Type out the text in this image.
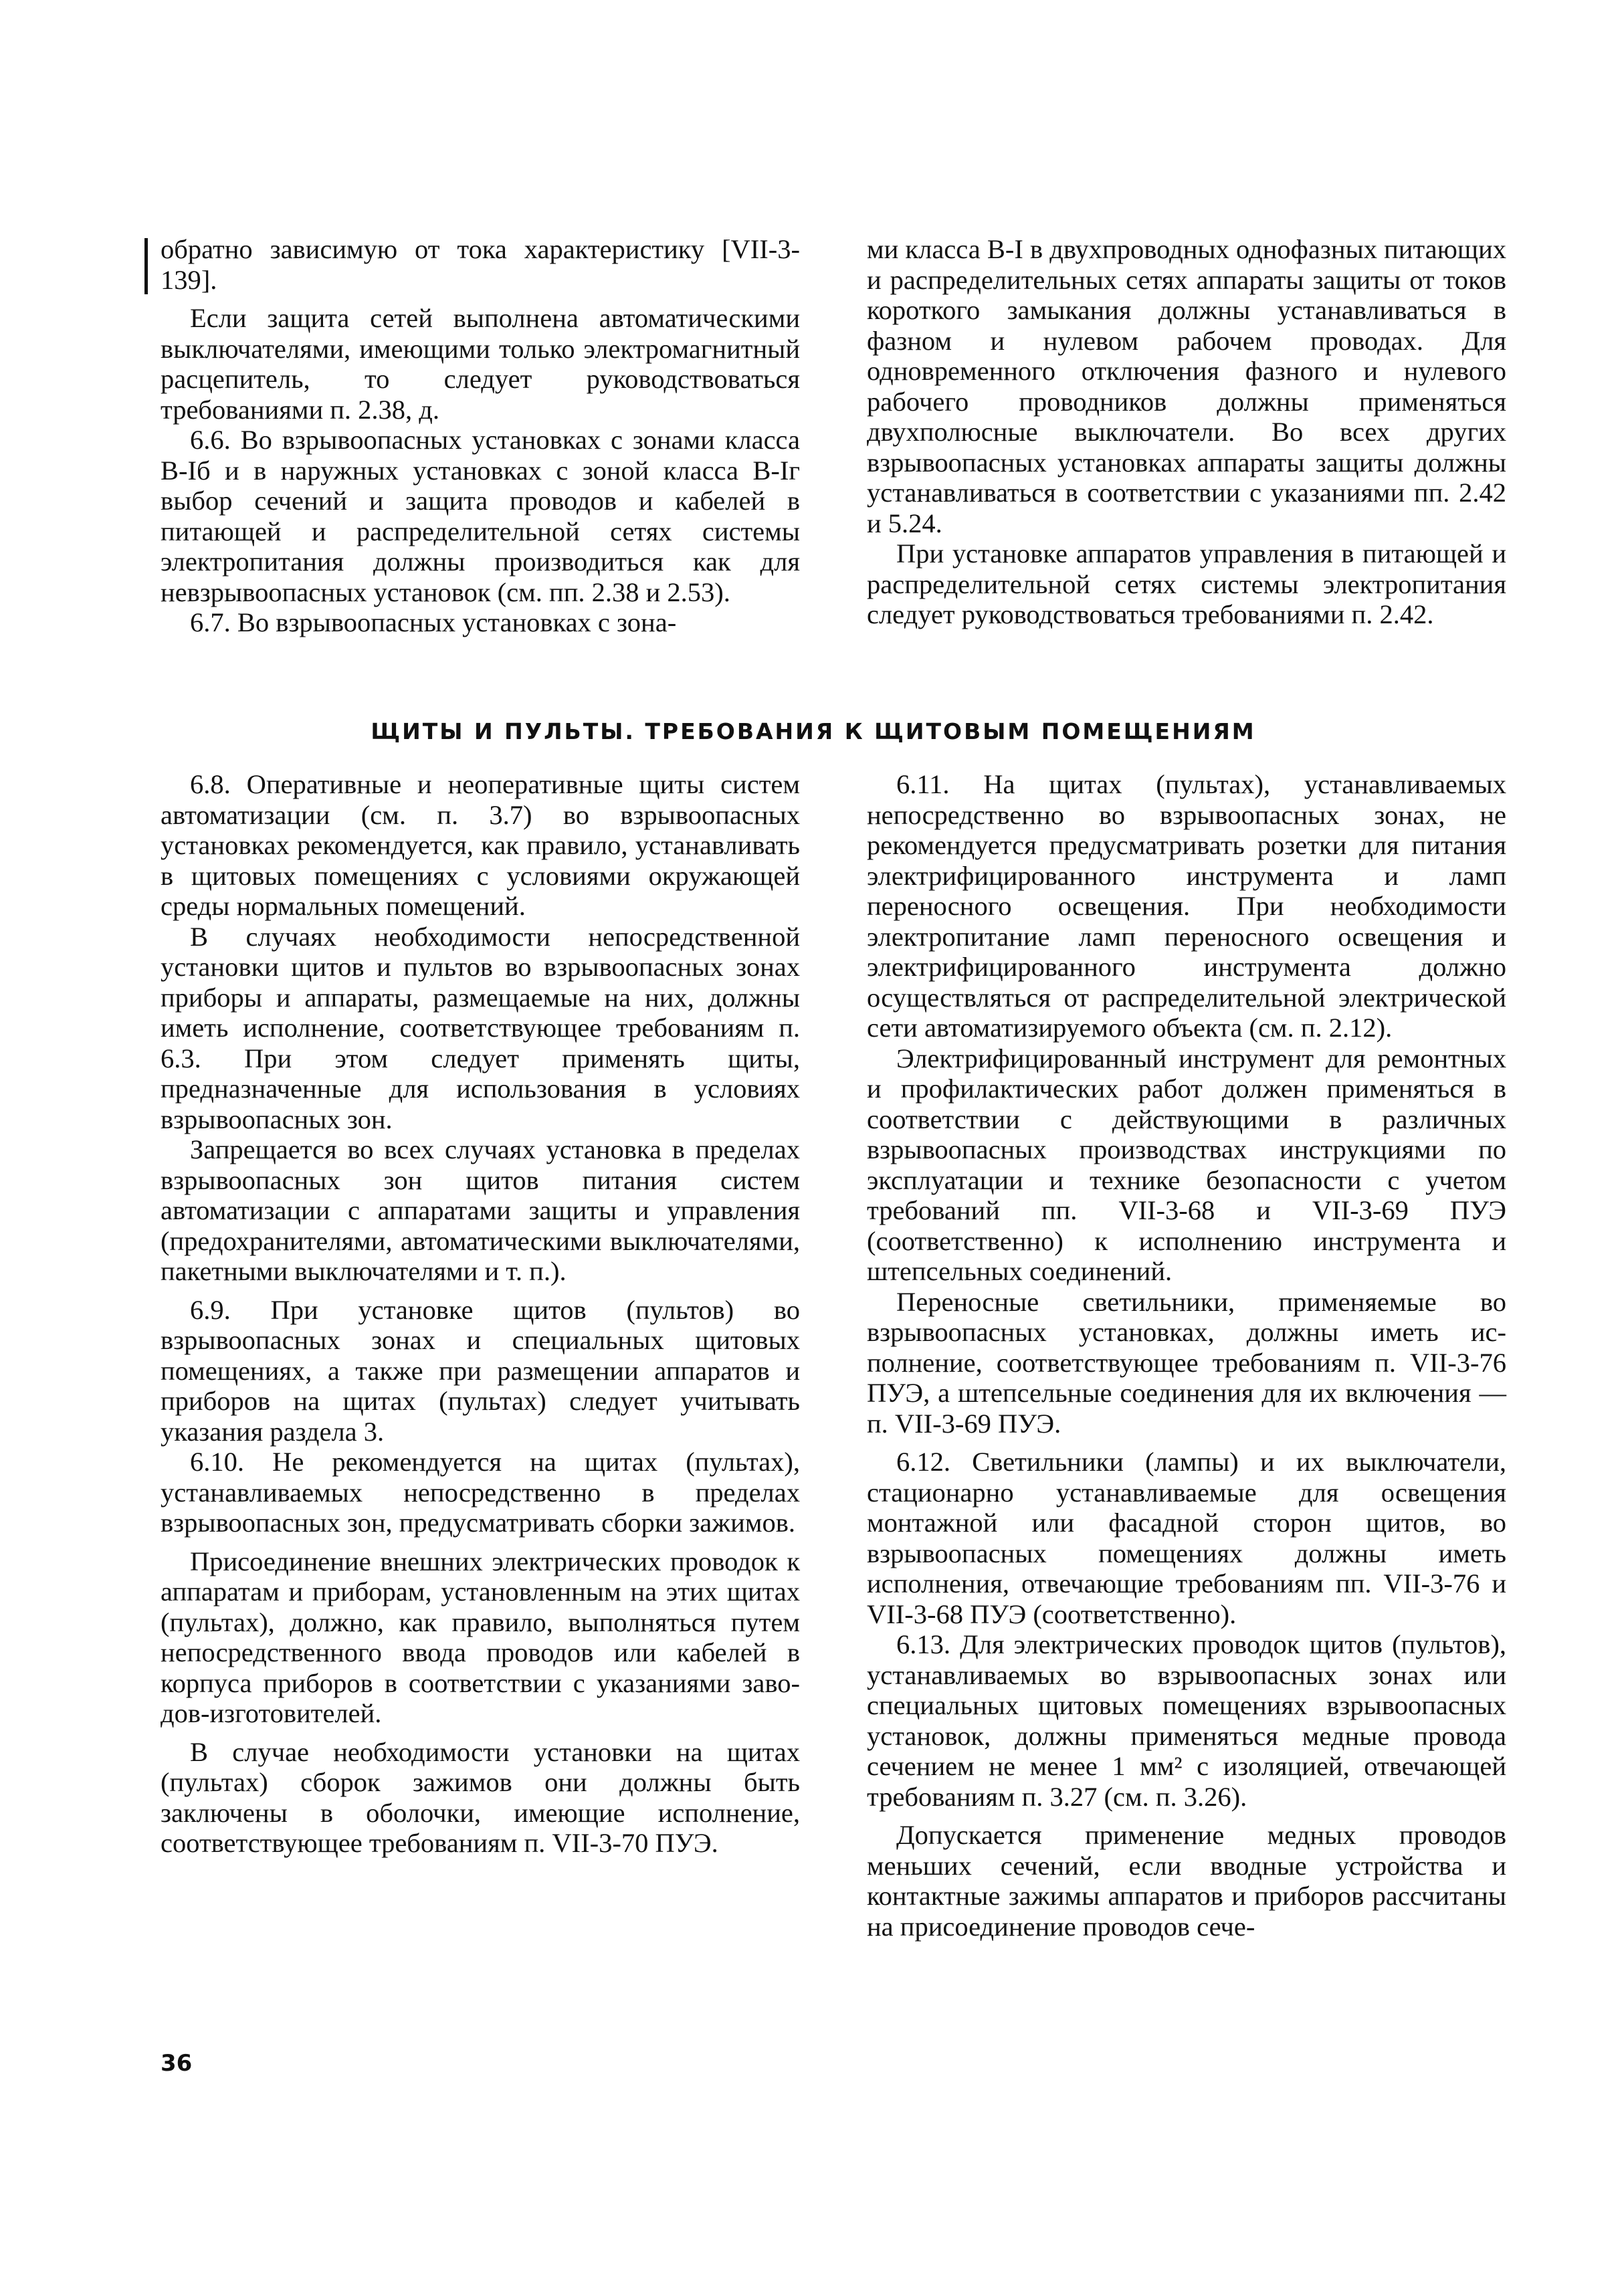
обратно зависимую от тока характеристику [VII-3-139].

Если защита сетей выполнена автоматическими выключателями, имеющими только электромагнитный расцепитель, то следует руководствоваться требованиями п. 2.38, д.

6.6. Во взрывоопасных установках с зонами класса В-Iб и в наружных установках с зоной класса В-Iг выбор сечений и защита проводов и кабелей в питающей и распределительной сетях системы электропитания должны производиться как для невзрывоопасных установок (см. пп. 2.38 и 2.53).

6.7. Во взрывоопасных установках с зона-

ми класса В-I в двухпроводных однофазных питающих и распределительных сетях аппараты защиты от токов короткого замыкания должны устанавливаться в фазном и нулевом рабочем проводах. Для одновременного отключения фазного и нулевого рабочего проводников должны применяться двухполюсные выключатели. Во всех других взрывоопасных установках аппараты защиты должны устанавливаться в соответствии с указаниями пп. 2.42 и 5.24.

При установке аппаратов управления в питающей и распределительной сетях системы электропитания следует руководствоваться требованиями п. 2.42.

ЩИТЫ И ПУЛЬТЫ. ТРЕБОВАНИЯ К ЩИТОВЫМ ПОМЕЩЕНИЯМ

6.8. Оперативные и неоперативные щиты систем автоматизации (см. п. 3.7) во взрывоопасных установках рекомендуется, как правило, устанавливать в щитовых помещениях с условиями окружающей среды нормальных помещений.

В случаях необходимости непосредственной установки щитов и пультов во взрывоопасных зонах приборы и аппараты, размещаемые на них, должны иметь исполнение, соответствующее требованиям п. 6.3. При этом следует применять щиты, предназначенные для использования в условиях взрывоопасных зон.

Запрещается во всех случаях установка в пределах взрывоопасных зон щитов питания систем автоматизации с аппаратами защиты и управления (предохранителями, автоматическими выключателями, пакетными выключателями и т. п.).

6.9. При установке щитов (пультов) во взрывоопасных зонах и специальных щитовых помещениях, а также при размещении аппаратов и приборов на щитах (пультах) следует учитывать указания раздела 3.

6.10. Не рекомендуется на щитах (пультах), устанавливаемых непосредственно в пределах взрывоопасных зон, предусматривать сборки зажимов.

Присоединение внешних электрических проводок к аппаратам и приборам, установленным на этих щитах (пультах), должно, как правило, выполняться путем непосредственного ввода проводов или кабелей в корпуса приборов в соответствии с указаниями заводов-изготовителей.

В случае необходимости установки на щитах (пультах) сборок зажимов они должны быть заключены в оболочки, имеющие исполнение, соответствующее требованиям п. VII-3-70 ПУЭ.

6.11. На щитах (пультах), устанавливаемых непосредственно во взрывоопасных зонах, не рекомендуется предусматривать розетки для питания электрифицированного инструмента и ламп переносного освещения. При необходимости электропитание ламп переносного освещения и электрифицированного инструмента должно осуществляться от распределительной электрической сети автоматизируемого объекта (см. п. 2.12).

Электрифицированный инструмент для ремонтных и профилактических работ должен применяться в соответствии с действующими в различных взрывоопасных производствах инструкциями по эксплуатации и технике безопасности с учетом требований пп. VII-3-68 и VII-3-69 ПУЭ (соответственно) к исполнению инструмента и штепсельных соединений.

Переносные светильники, применяемые во взрывоопасных установках, должны иметь исполнение, соответствующее требованиям п. VII-3-76 ПУЭ, а штепсельные соединения для их включения — п. VII-3-69 ПУЭ.

6.12. Светильники (лампы) и их выключатели, стационарно устанавливаемые для освещения монтажной или фасадной сторон щитов, во взрывоопасных помещениях должны иметь исполнения, отвечающие требованиям пп. VII-3-76 и VII-3-68 ПУЭ (соответственно).

6.13. Для электрических проводок щитов (пультов), устанавливаемых во взрывоопасных зонах или специальных щитовых помещениях взрывоопасных установок, должны применяться медные провода сечением не менее 1 мм² с изоляцией, отвечающей требованиям п. 3.27 (см. п. 3.26).

Допускается применение медных проводов меньших сечений, если вводные устройства и контактные зажимы аппаратов и приборов рассчитаны на присоединение проводов сече-

36
